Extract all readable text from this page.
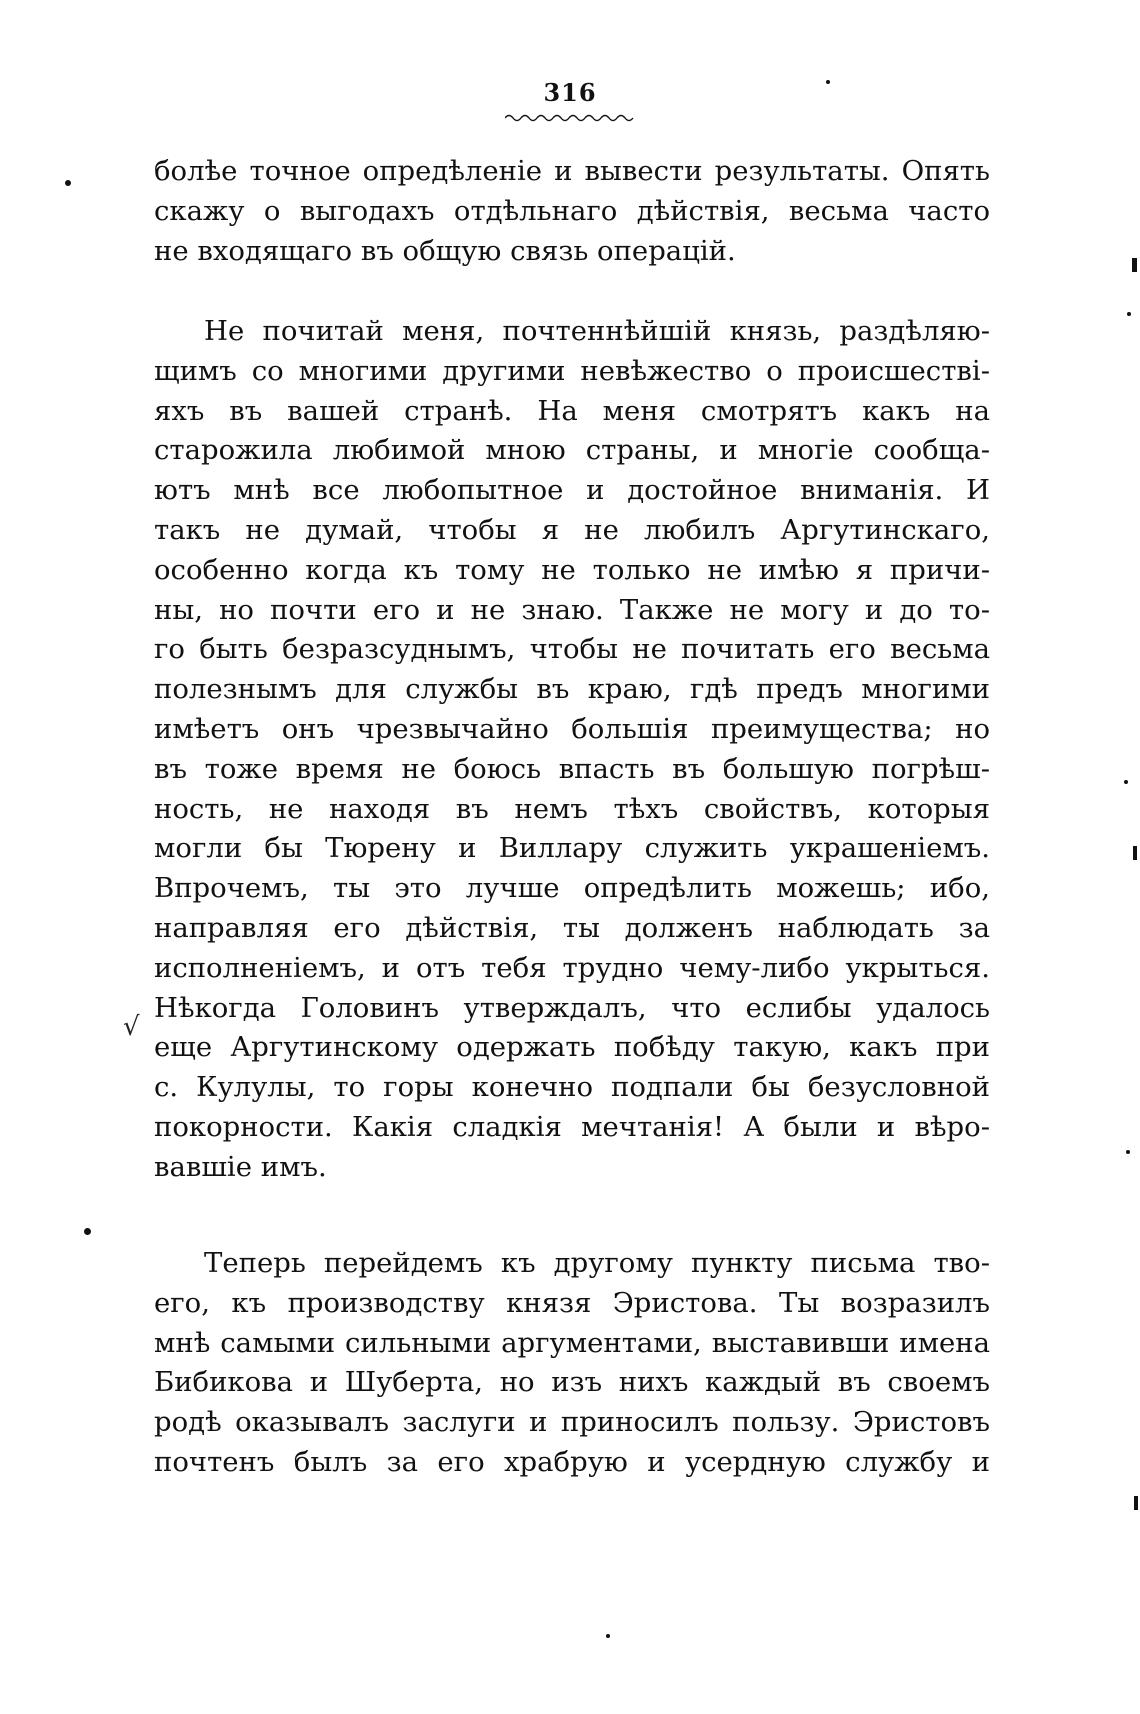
316
болѣе точное опредѣленіе и вывести результаты. Опять
скажу о выгодахъ отдѣльнаго дѣйствія, весьма часто
не входящаго въ общую связь операцій.
Не почитай меня, почтеннѣйшій князь, раздѣляю-
щимъ со многими другими невѣжество о происшестві-
яхъ въ вашей странѣ. На меня смотрятъ какъ на
старожила любимой мною страны, и многіе сообща-
ютъ мнѣ все любопытное и достойное вниманія. И
такъ не думай, чтобы я не любилъ Аргутинскаго,
особенно когда къ тому не только не имѣю я причи-
ны, но почти его и не знаю. Также не могу и до то-
го быть безразсуднымъ, чтобы не почитать его весьма
полезнымъ для службы въ краю, гдѣ предъ многими
имѣетъ онъ чрезвычайно большія преимущества; но
въ тоже время не боюсь впасть въ большую погрѣш-
ность, не находя въ немъ тѣхъ свойствъ, которыя
могли бы Тюрену и Виллару служить украшеніемъ.
Впрочемъ, ты это лучше опредѣлить можешь; ибо,
направляя его дѣйствія, ты долженъ наблюдать за
исполненіемъ, и отъ тебя трудно чему-либо укрыться.
Нѣкогда Головинъ утверждалъ, что еслибы удалось
еще Аргутинскому одержать побѣду такую, какъ при
с. Кулулы, то горы конечно подпали бы безусловной
покорности. Какія сладкія мечтанія! А были и вѣро-
вавшіе имъ.
Теперь перейдемъ къ другому пункту письма тво-
его, къ производству князя Эристова. Ты возразилъ
мнѣ самыми сильными аргументами, выставивши имена
Бибикова и Шуберта, но изъ нихъ каждый въ своемъ
родѣ оказывалъ заслуги и приносилъ пользу. Эристовъ
почтенъ былъ за его храбрую и усердную службу и
√
